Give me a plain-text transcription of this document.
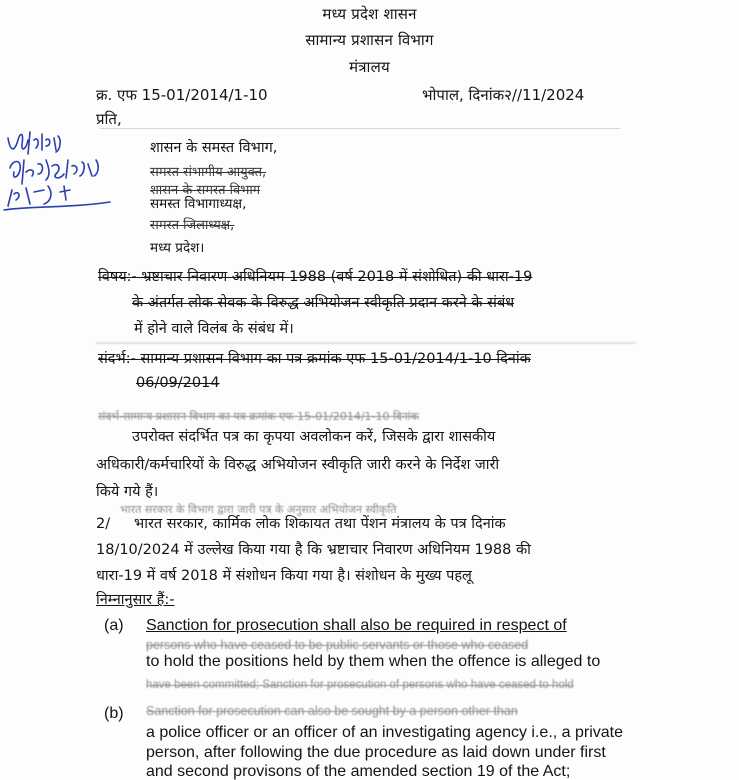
मध्य प्रदेश शासन
सामान्य प्रशासन विभाग
मंत्रालय
क्र. एफ 15-01/2014/1-10	भोपाल, दिनांक२//11/2024
प्रति,
शासन के समस्त विभाग,
समस्त संभागीय आयुक्त,
शासन के समस्त विभाग
समस्त विभागाध्यक्ष,
समस्त जिलाध्यक्ष,
मध्य प्रदेश।
विषय:- भ्रष्टाचार निवारण अधिनियम 1988 (वर्ष 2018 में संशोधित) की धारा-19
के अंतर्गत लोक सेवक के विरुद्ध अभियोजन स्वीकृति प्रदान करने के संबंध
में होने वाले विलंब के संबंध में।
संदर्भ:- सामान्य प्रशासन विभाग का पत्र क्रमांक एफ 15-01/2014/1-10 दिनांक
06/09/2014
संदर्भ-सामान्य प्रशासन विभाग का पत्र क्रमांक एफ 15-01/2014/1-10 दिनांक
उपरोक्त संदर्भित पत्र का कृपया अवलोकन करें, जिसके द्वारा शासकीय
अधिकारी/कर्मचारियों के विरुद्ध अभियोजन स्वीकृति जारी करने के निर्देश जारी
किये गये हैं।
भारत सरकार के विभाग द्वारा जारी पत्र के अनुसार अभियोजन स्वीकृति
2/ भारत सरकार, कार्मिक लोक शिकायत तथा पेंशन मंत्रालय के पत्र दिनांक
18/10/2024 में उल्लेख किया गया है कि भ्रष्टाचार निवारण अधिनियम 1988 की
धारा-19 में वर्ष 2018 में संशोधन किया गया है। संशोधन के मुख्य पहलू
निम्नानुसार हैं:-
(a) Sanction for prosecution shall also be required in respect of
persons who have ceased to be public servants or those who ceased
to hold the positions held by them when the offence is alleged to
have been committed; Sanction for prosecution of persons who have ceased to hold
(b) Sanction for prosecution can also be sought by a person other than
a police officer or an officer of an investigating agency i.e., a private
person, after following the due procedure as laid down under first
and second provisons of the amended section 19 of the Act;
